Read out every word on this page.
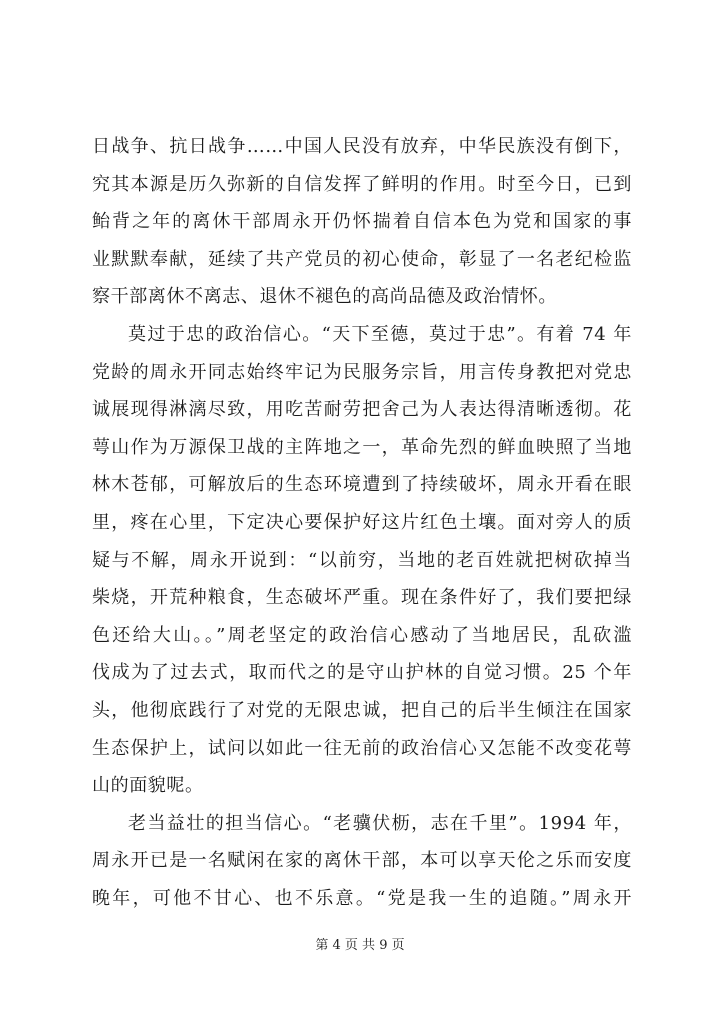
日战争、抗日战争……中国人民没有放弃，中华民族没有倒下，
究其本源是历久弥新的自信发挥了鲜明的作用。时至今日，已到
鲐背之年的离休干部周永开仍怀揣着自信本色为党和国家的事
业默默奉献，延续了共产党员的初心使命，彰显了一名老纪检监
察干部离休不离志、退休不褪色的高尚品德及政治情怀。
莫过于忠的政治信心。“天下至德，莫过于忠”。有着 74 年
党龄的周永开同志始终牢记为民服务宗旨，用言传身教把对党忠
诚展现得淋漓尽致，用吃苦耐劳把舍己为人表达得清晰透彻。花
萼山作为万源保卫战的主阵地之一，革命先烈的鲜血映照了当地
林木苍郁，可解放后的生态环境遭到了持续破坏，周永开看在眼
里，疼在心里，下定决心要保护好这片红色土壤。面对旁人的质
疑与不解，周永开说到：“以前穷，当地的老百姓就把树砍掉当
柴烧，开荒种粮食，生态破坏严重。现在条件好了，我们要把绿
色还给大山。。”周老坚定的政治信心感动了当地居民，乱砍滥
伐成为了过去式，取而代之的是守山护林的自觉习惯。25 个年
头，他彻底践行了对党的无限忠诚，把自己的后半生倾注在国家
生态保护上，试问以如此一往无前的政治信心又怎能不改变花萼
山的面貌呢。
老当益壮的担当信心。“老骥伏枥，志在千里”。1994 年，
周永开已是一名赋闲在家的离休干部，本可以享天伦之乐而安度
晚年，可他不甘心、也不乐意。“党是我一生的追随。”周永开
第 4 页 共 9 页
